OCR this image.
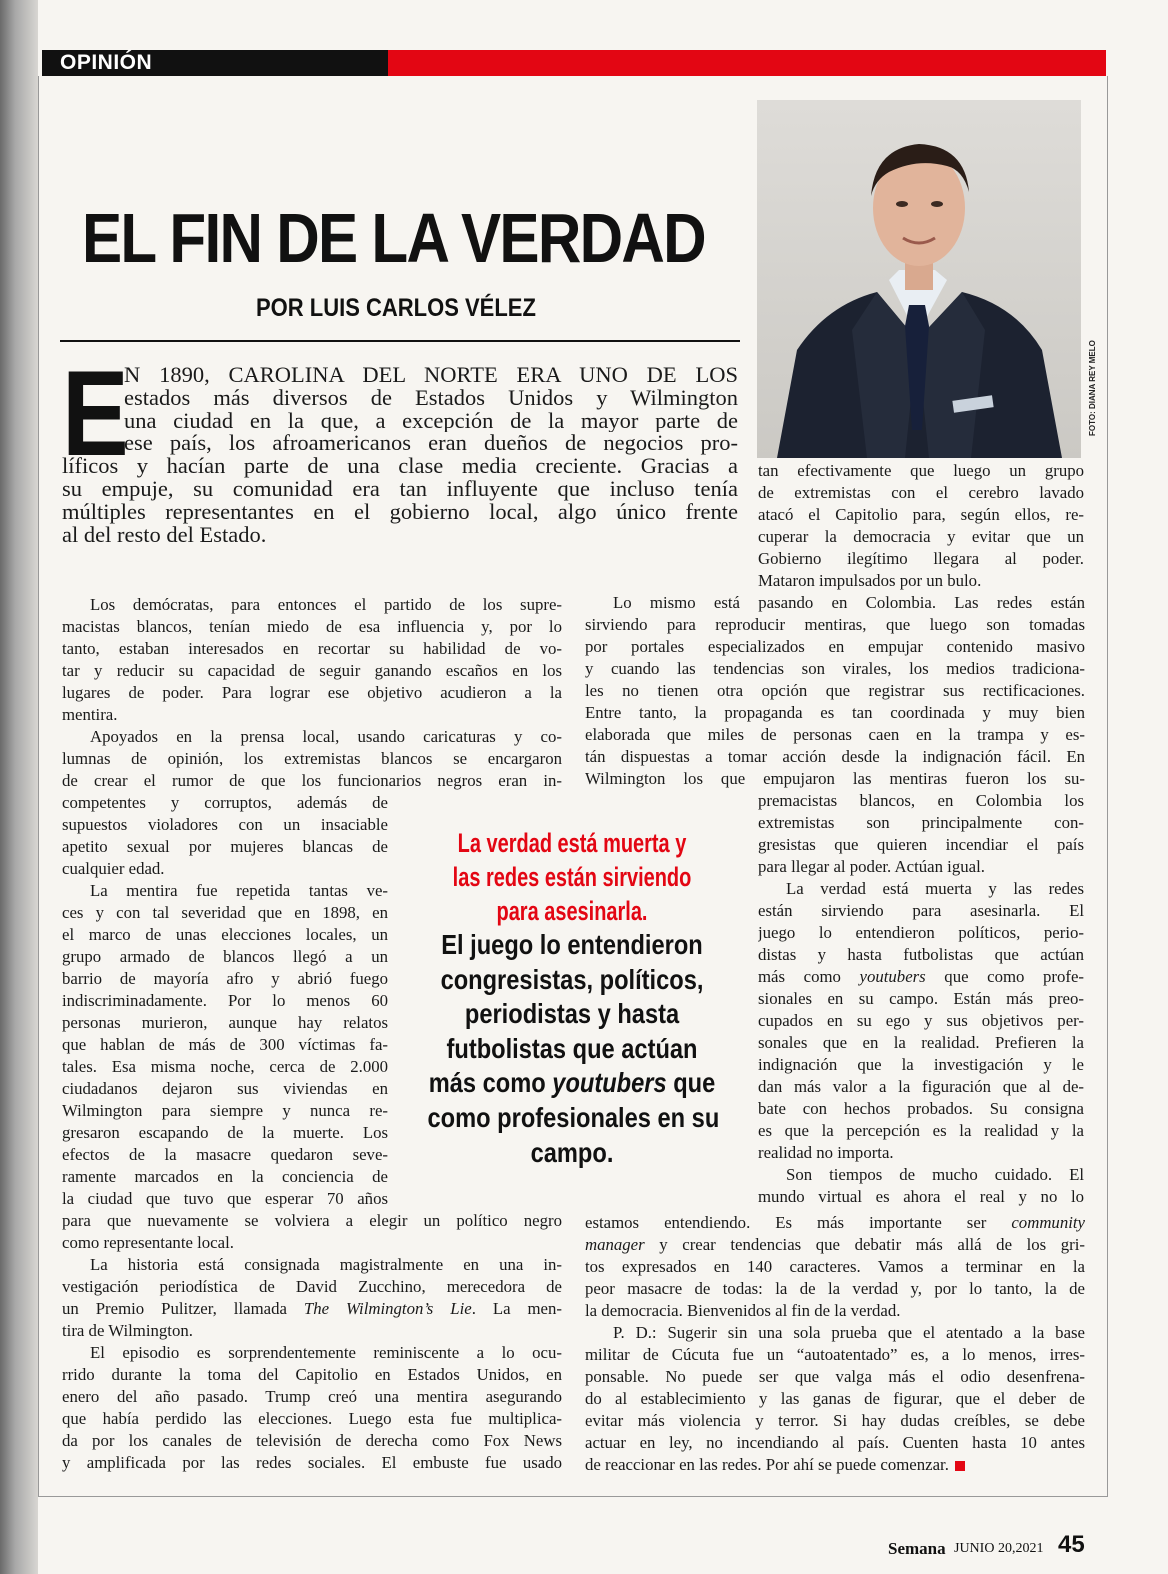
OPINIÓN
EL FIN DE LA VERDAD
POR LUIS CARLOS VÉLEZ
FOTO: DIANA REY MELO
E
N 1890, CAROLINA DEL NORTE ERA UNO DE LOS
estados más diversos de Estados Unidos y Wilmington
una ciudad en la que, a excepción de la mayor parte de
ese país, los afroamericanos eran dueños de negocios pro-
líficos y hacían parte de una clase media creciente. Gracias a
su empuje, su comunidad era tan influyente que incluso tenía
múltiples representantes en el gobierno local, algo único frente
al del resto del Estado.
Los demócratas, para entonces el partido de los supre-
macistas blancos, tenían miedo de esa influencia y, por lo
tanto, estaban interesados en recortar su habilidad de vo-
tar y reducir su capacidad de seguir ganando escaños en los
lugares de poder. Para lograr ese objetivo acudieron a la
mentira.
Apoyados en la prensa local, usando caricaturas y co-
lumnas de opinión, los extremistas blancos se encargaron
de crear el rumor de que los funcionarios negros eran in-
competentes y corruptos, además de
supuestos violadores con un insaciable
apetito sexual por mujeres blancas de
cualquier edad.
La mentira fue repetida tantas ve-
ces y con tal severidad que en 1898, en
el marco de unas elecciones locales, un
grupo armado de blancos llegó a un
barrio de mayoría afro y abrió fuego
indiscriminadamente. Por lo menos 60
personas murieron, aunque hay relatos
que hablan de más de 300 víctimas fa-
tales. Esa misma noche, cerca de 2.000
ciudadanos dejaron sus viviendas en
Wilmington para siempre y nunca re-
gresaron escapando de la muerte. Los
efectos de la masacre quedaron seve-
ramente marcados en la conciencia de
la ciudad que tuvo que esperar 70 años
para que nuevamente se volviera a elegir un político negro
como representante local.
La historia está consignada magistralmente en una in-
vestigación periodística de David Zucchino, merecedora de
un Premio Pulitzer, llamada The Wilmington’s Lie. La men-
tira de Wilmington.
El episodio es sorprendentemente reminiscente a lo ocu-
rrido durante la toma del Capitolio en Estados Unidos, en
enero del año pasado. Trump creó una mentira asegurando
que había perdido las elecciones. Luego esta fue multiplica-
da por los canales de televisión de derecha como Fox News
y amplificada por las redes sociales. El embuste fue usado
tan efectivamente que luego un grupo
de extremistas con el cerebro lavado
atacó el Capitolio para, según ellos, re-
cuperar la democracia y evitar que un
Gobierno ilegítimo llegara al poder.
Mataron impulsados por un bulo.
Lo mismo está pasando en Colombia. Las redes están
sirviendo para reproducir mentiras, que luego son tomadas
por portales especializados en empujar contenido masivo
y cuando las tendencias son virales, los medios tradiciona-
les no tienen otra opción que registrar sus rectificaciones.
Entre tanto, la propaganda es tan coordinada y muy bien
elaborada que miles de personas caen en la trampa y es-
tán dispuestas a tomar acción desde la indignación fácil. En
Wilmington los que empujaron las mentiras fueron los su-
premacistas blancos, en Colombia los
extremistas son principalmente con-
gresistas que quieren incendiar el país
para llegar al poder. Actúan igual.
La verdad está muerta y las redes
están sirviendo para asesinarla. El
juego lo entendieron políticos, perio-
distas y hasta futbolistas que actúan
más como youtubers que como profe-
sionales en su campo. Están más preo-
cupados en su ego y sus objetivos per-
sonales que en la realidad. Prefieren la
indignación que la investigación y le
dan más valor a la figuración que al de-
bate con hechos probados. Su consigna
es que la percepción es la realidad y la
realidad no importa.
Son tiempos de mucho cuidado. El
mundo virtual es ahora el real y no lo
estamos entendiendo. Es más importante ser community
manager y crear tendencias que debatir más allá de los gri-
tos expresados en 140 caracteres. Vamos a terminar en la
peor masacre de todas: la de la verdad y, por lo tanto, la de
la democracia. Bienvenidos al fin de la verdad.
P. D.: Sugerir sin una sola prueba que el atentado a la base
militar de Cúcuta fue un “autoatentado” es, a lo menos, irres-
ponsable. No puede ser que valga más el odio desenfrena-
do al establecimiento y las ganas de figurar, que el deber de
evitar más violencia y terror. Si hay dudas creíbles, se debe
actuar en ley, no incendiando al país. Cuenten hasta 10 antes
de reaccionar en las redes. Por ahí se puede comenzar.
La verdad está muerta y
las redes están sirviendo
para asesinarla.
El juego lo entendieron
congresistas, políticos,
periodistas y hasta
futbolistas que actúan
más como youtubers que
como profesionales en su
campo.
Semana JUNIO 20,2021 45
